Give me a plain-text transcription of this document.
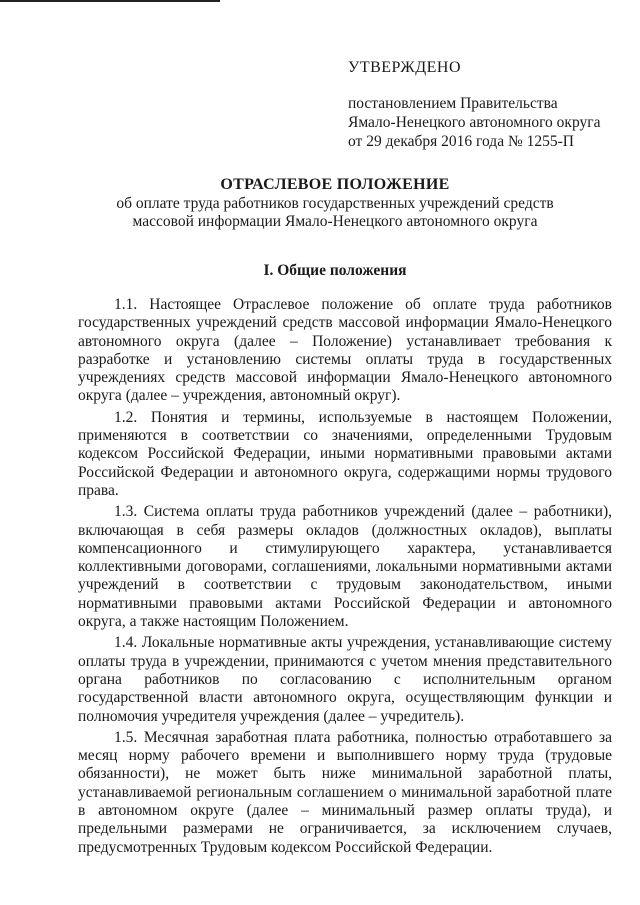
УТВЕРЖДЕНО
постановлением Правительства
Ямало-Ненецкого автономного округа
от 29 декабря 2016 года № 1255-П
ОТРАСЛЕВОЕ ПОЛОЖЕНИЕ
об оплате труда работников государственных учреждений средств
массовой информации Ямало-Ненецкого автономного округа
I. Общие положения

1.1. Настоящее Отраслевое положение об оплате труда работников государственных учреждений средств массовой информации Ямало-Ненецкого автономного округа (далее – Положение) устанавливает требования к разработке и установлению системы оплаты труда в государственных учреждениях средств массовой информации Ямало-Ненецкого автономного округа (далее – учреждения, автономный округ).

1.2. Понятия и термины, используемые в настоящем Положении, применяются в соответствии со значениями, определенными Трудовым кодексом Российской Федерации, иными нормативными правовыми актами Российской Федерации и автономного округа, содержащими нормы трудового права.

1.3. Система оплаты труда работников учреждений (далее – работники), включающая в себя размеры окладов (должностных окладов), выплаты компенсационного и стимулирующего характера, устанавливается коллективными договорами, соглашениями, локальными нормативными актами учреждений в соответствии с трудовым законодательством, иными нормативными правовыми актами Российской Федерации и автономного округа, а также настоящим Положением.

1.4. Локальные нормативные акты учреждения, устанавливающие систему оплаты труда в учреждении, принимаются с учетом мнения представительного органа работников по согласованию с исполнительным органом государственной власти автономного округа, осуществляющим функции и полномочия учредителя учреждения (далее – учредитель).

1.5. Месячная заработная плата работника, полностью отработавшего за месяц норму рабочего времени и выполнившего норму труда (трудовые обязанности), не может быть ниже минимальной заработной платы, устанавливаемой региональным соглашением о минимальной заработной плате в автономном округе (далее – минимальный размер оплаты труда), и предельными размерами не ограничивается, за исключением случаев, предусмотренных Трудовым кодексом Российской Федерации.
